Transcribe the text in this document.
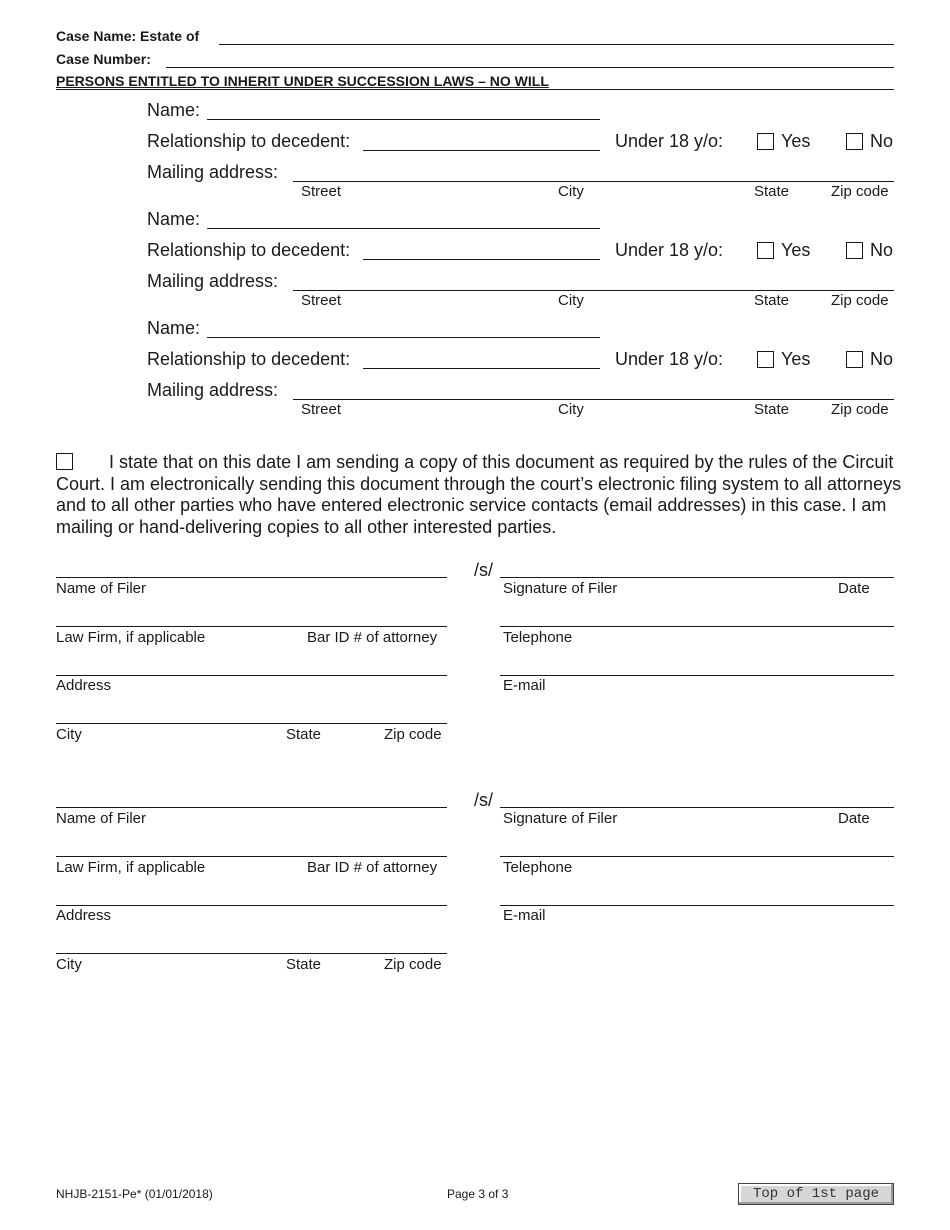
Case Name: Estate of
Case Number:
PERSONS ENTITLED TO INHERIT UNDER SUCCESSION LAWS – NO WILL
Name:
Relationship to decedent:	Under 18 y/o:	Yes	No
Mailing address:
Street	City	State	Zip code
Name:
Relationship to decedent:	Under 18 y/o:	Yes	No
Mailing address:
Street	City	State	Zip code
Name:
Relationship to decedent:	Under 18 y/o:	Yes	No
Mailing address:
Street	City	State	Zip code
I state that on this date I am sending a copy of this document as required by the rules of the Circuit Court. I am electronically sending this document through the court’s electronic filing system to all attorneys and to all other parties who have entered electronic service contacts (email addresses) in this case. I am mailing or hand-delivering copies to all other interested parties.
/s/
Name of Filer	Signature of Filer	Date
Law Firm, if applicable	Bar ID # of attorney	Telephone
Address	E-mail
City	State	Zip code
/s/
Name of Filer	Signature of Filer	Date
Law Firm, if applicable	Bar ID # of attorney	Telephone
Address	E-mail
City	State	Zip code
NHJB-2151-Pe* (01/01/2018)	Page 3 of 3	Top of 1st page
